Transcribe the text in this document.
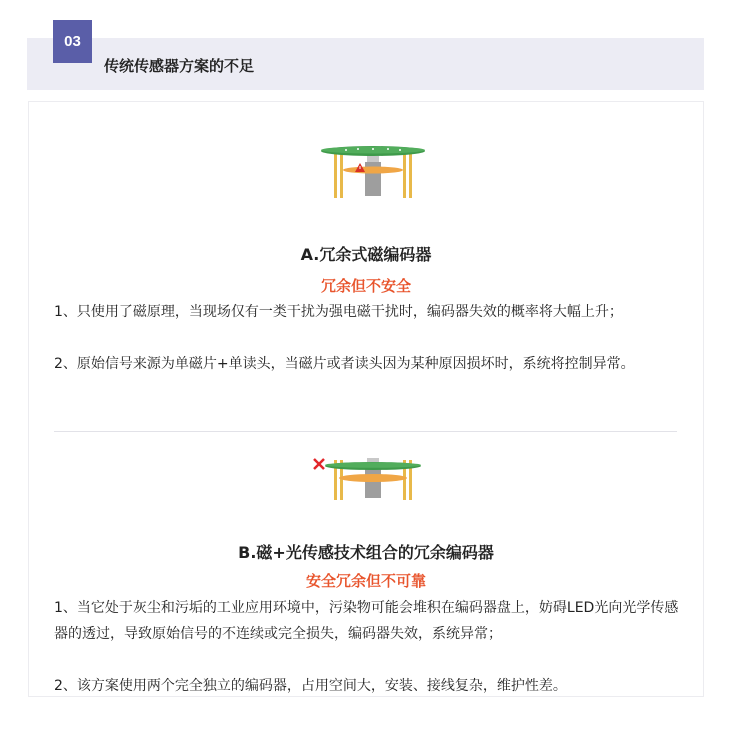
03
传统传感器方案的不足
A.冗余式磁编码器
冗余但不安全
1、只使用了磁原理，当现场仅有一类干扰为强电磁干扰时，编码器失效的概率将大幅上升；
2、原始信号来源为单磁片+单读头，当磁片或者读头因为某种原因损坏时，系统将控制异常。
B.磁+光传感技术组合的冗余编码器
安全冗余但不可靠
1、当它处于灰尘和污垢的工业应用环境中，污染物可能会堆积在编码器盘上，妨碍LED光向光学传感器的透过，导致原始信号的不连续或完全损失，编码器失效，系统异常；
2、该方案使用两个完全独立的编码器，占用空间大，安装、接线复杂，维护性差。
